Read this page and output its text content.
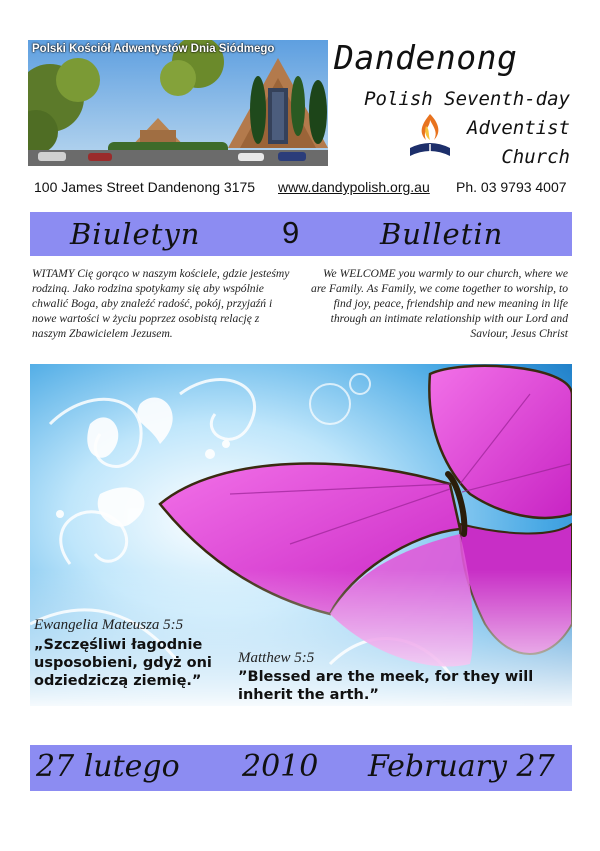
Polski Kościół Adwentystów Dnia Siódmego Dandenong
Polish Seventh-day
Adventist
Church
100 James Street Dandenong 3175 www.dandypolish.org.au Ph. 03 9793 4007
Biuletyn	9	Bulletin

WITAMY Cię gorąco w naszym kościele, gdzie jesteśmy rodziną. Jako rodzina spotykamy się aby wspólnie chwalić Boga, aby znaleźć radość, pokój, przyjaźń i nowe wartości w życiu poprzez osobistą relację z naszym Zbawicielem Jezusem.

We WELCOME you warmly to our church, where we are Family. As Family, we come together to worship, to find joy, peace, friendship and new meaning in life through an intimate relationship with our Lord and Saviour, Jesus Christ

Ewangelia Mateusza 5:5
„Szczęśliwi łagodnie usposobieni, gdyż oni odziedziczą ziemię.”
Matthew 5:5
”Blessed are the meek, for they will inherit the arth.”
27 lutego 2010 February 27
